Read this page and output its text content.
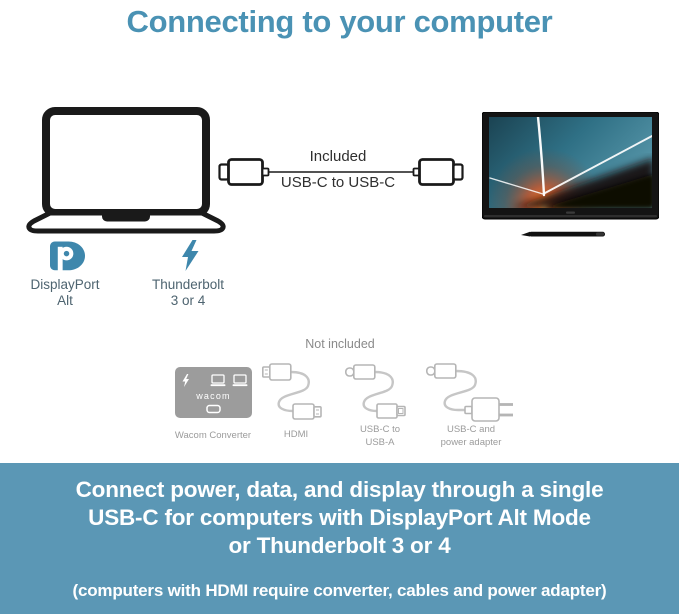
Connecting to your computer
Included
USB-C to USB-C
DisplayPort
Alt
Thunderbolt
3 or 4
Not included
wacom
Wacom Converter	HDMI	USB-C to
USB-A
USB-C and
power adapter
Connect power, data, and display through a single
USB-C for computers with DisplayPort Alt Mode
or Thunderbolt 3 or 4
(computers with HDMI require converter, cables and power adapter)
